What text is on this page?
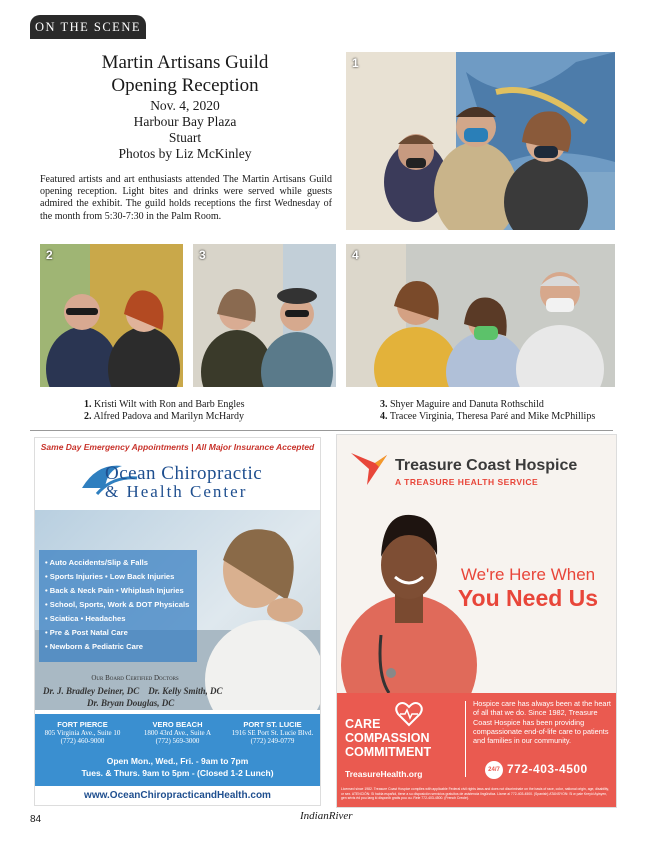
ON THE SCENE
Martin Artisans Guild
Opening Reception
Nov. 4, 2020
Harbour Bay Plaza
Stuart
Photos by Liz McKinley
Featured artists and art enthusiasts attended The Martin Artisans Guild opening reception. Light bites and drinks were served while guests admired the exhibit. The guild holds receptions the first Wednesday of the month from 5:30-7:30 in the Palm Room.
1
2	3	4
1. Kristi Wilt with Ron and Barb Engles
2. Alfred Padova and Marilyn McHardy
3. Shyer Maguire and Danuta Rothschild
4. Tracee Virginia, Theresa Paré and Mike McPhillips
Same Day Emergency Appointments | All Major Insurance Accepted
Ocean Chiropractic
& Health Center
• Auto Accidents/Slip & Falls
• Sports Injuries • Low Back Injuries
• Back & Neck Pain • Whiplash Injuries
• School, Sports, Work & DOT Physicals
• Sciatica • Headaches
• Pre & Post Natal Care
• Newborn & Pediatric Care
Our Board Certified Doctors
Dr. J. Bradley Deiner, DC    Dr. Kelly Smith, DC
Dr. Bryan Douglas, DC
FORT PIERCE
805 Virginia Ave., Suite 10
(772) 460-9000
VERO BEACH
1800 43rd Ave., Suite A
(772) 569-3000
PORT ST. LUCIE
1916 SE Port St. Lucie Blvd.
(772) 249-0779
Open Mon., Wed., Fri. - 9am to 7pm
Tues. & Thurs. 9am to 5pm - (Closed 1-2 Lunch)
www.OceanChiropracticandHealth.com
Treasure Coast Hospice
A TREASURE HEALTH SERVICE
We're Here When
You Need Us
CARE
COMPASSION
COMMITMENT
TreasureHealth.org
Hospice care has always been at the heart of all that we do. Since 1982, Treasure Coast Hospice has been providing compassionate end-of-life care to patients and families in our community.
24/7 772-403-4500
Licensed since 1982. Treasure Coast Hospice complies with applicable Federal civil rights laws and does not discriminate on the basis of race, color, national origin, age, disability, or sex. ATENCIÓN: Si habla español, tiene a su disposición servicios gratuitos de asistencia lingüística. Llame al 772-403-4500. (Spanish) ATANSYON: Si w pale Kreyòl Ayisyen, gen sèvis èd pou lang ki disponib gratis pou ou. Rele 772-403-4500. (French Creole).
84	IndianRiver
